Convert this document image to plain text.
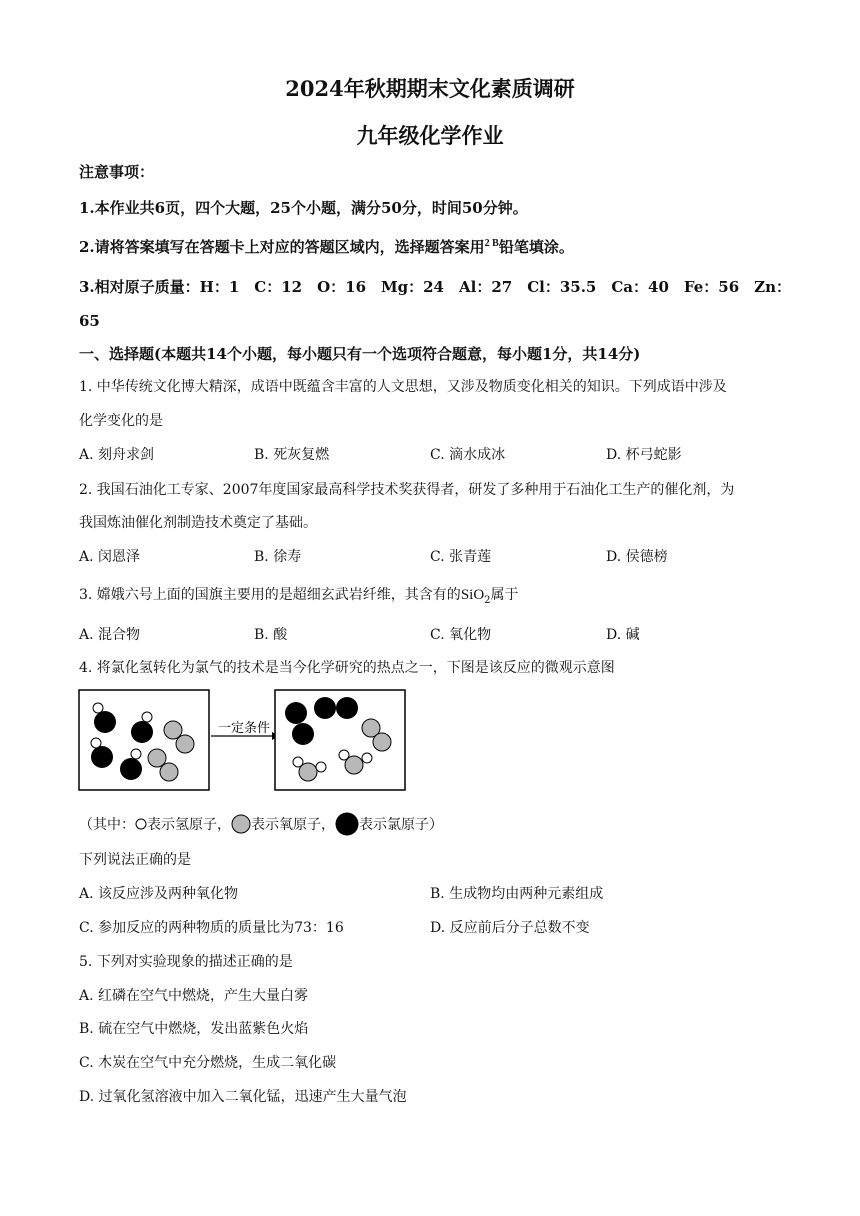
2024年秋期期末文化素质调研
九年级化学作业
注意事项：
1.本作业共6页，四个大题，25个小题，满分50分，时间50分钟。
2.请将答案填写在答题卡上对应的答题区域内，选择题答案用$^{2 B}$铅笔填涂。
3.相对原子质量：H：1　C：12　O：16　Mg：24　Al：27　Cl：35.5　Ca：40　Fe：56　Zn：
65
一、选择题(本题共14个小题，每小题只有一个选项符合题意，每小题1分，共14分)
1. 中华传统文化博大精深，成语中既蕴含丰富的人文思想，又涉及物质变化相关的知识。下列成语中涉及
化学变化的是
A. 刻舟求剑	B. 死灰复燃	C. 滴水成冰	D. 杯弓蛇影
2. 我国石油化工专家、2007年度国家最高科学技术奖获得者，研发了多种用于石油化工生产的催化剂，为
我国炼油催化剂制造技术奠定了基础。
A. 闵恩泽	B. 徐寿	C. 张青莲	D. 侯德榜
3. 嫦娥六号上面的国旗主要用的是超细玄武岩纤维，其含有的SiO$_2$属于
A. 混合物	B. 酸	C. 氧化物	D. 碱
4. 将氯化氢转化为氯气的技术是当今化学研究的热点之一，下图是该反应的微观示意图
一定条件
（其中： 表示氢原子， 表示氧原子， 表示氯原子）
下列说法正确的是
A. 该反应涉及两种氧化物	B. 生成物均由两种元素组成
C. 参加反应的两种物质的质量比为73：16	D. 反应前后分子总数不变
5. 下列对实验现象的描述正确的是
A. 红磷在空气中燃烧，产生大量白雾
B. 硫在空气中燃烧，发出蓝紫色火焰
C. 木炭在空气中充分燃烧，生成二氧化碳
D. 过氧化氢溶液中加入二氧化锰，迅速产生大量气泡
